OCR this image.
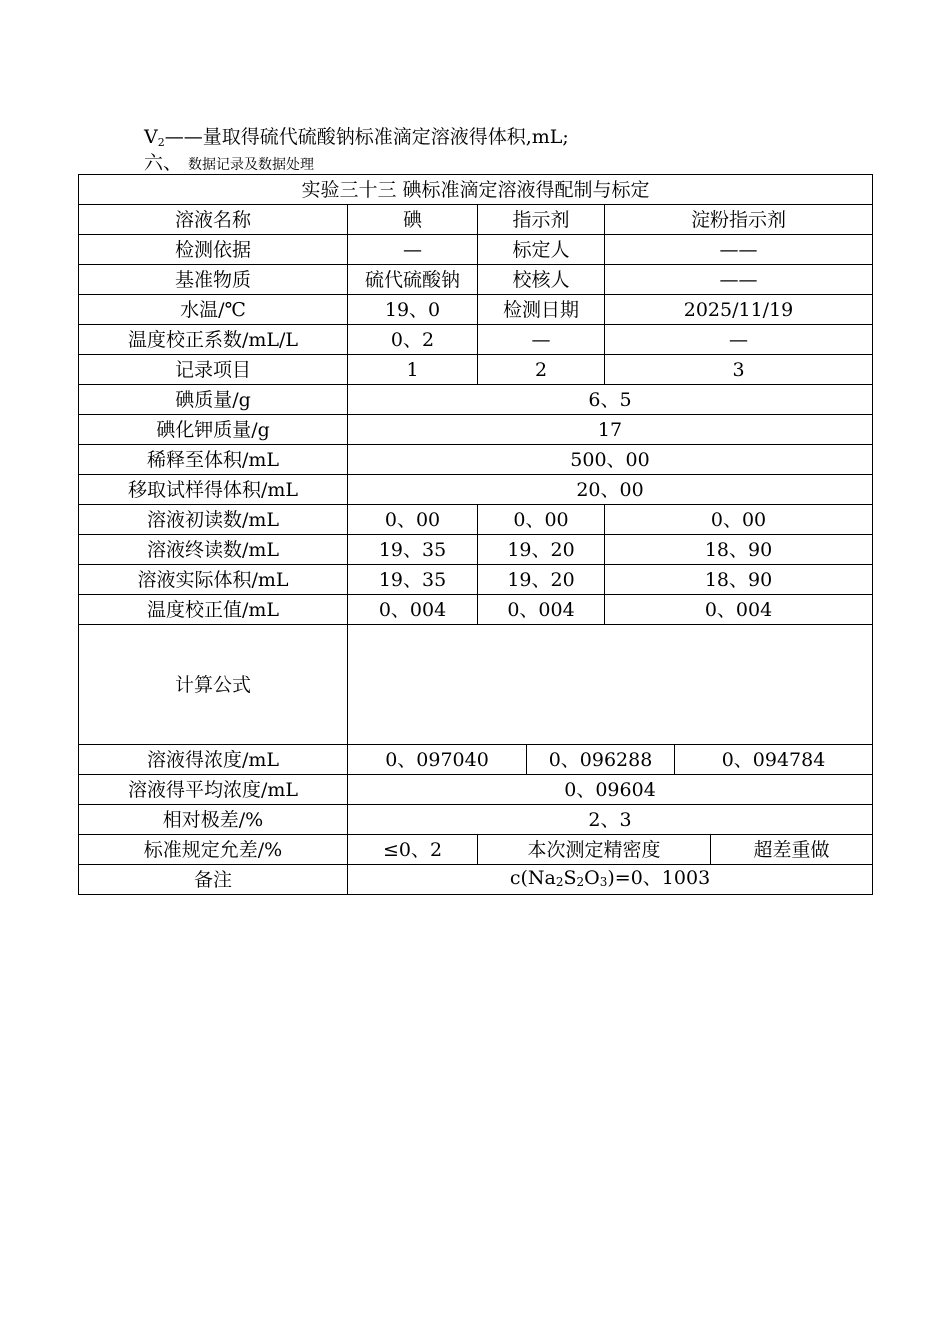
$V_2——$量取得硫代硫酸钠标准滴定溶液得体积,mL;
六、 数据记录及数据处理
实验三十三 碘标准滴定溶液得配制与标定						
溶液名称	碘	指示剂		淀粉指示剂		
检测依据	—	标定人		——		
基准物质	硫代硫酸钠	校核人		——		
水温/℃	19、0	检测日期		2025/11/19		
温度校正系数/mL/L	0、2	—		—		
记录项目	1	2		3		
碘质量/g	6、5					
碘化钾质量/g	17					
稀释至体积/mL	500、00					
移取试样得体积/mL	20、00					
溶液初读数/mL	0、00	0、00		0、00		
溶液终读数/mL	19、35	19、20		18、90		
溶液实际体积/mL	19、35	19、20		18、90		
温度校正值/mL	0、004	0、004		0、004		
计算公式						
溶液得浓度/mL	0、097040		0、096288		0、094784	
溶液得平均浓度/mL	0、09604					
相对极差/%	2、3					
标准规定允差/%	≤0、2	本次测定精密度				超差重做
备注	$c(Na_2S_2O_3)=0$、1003					
